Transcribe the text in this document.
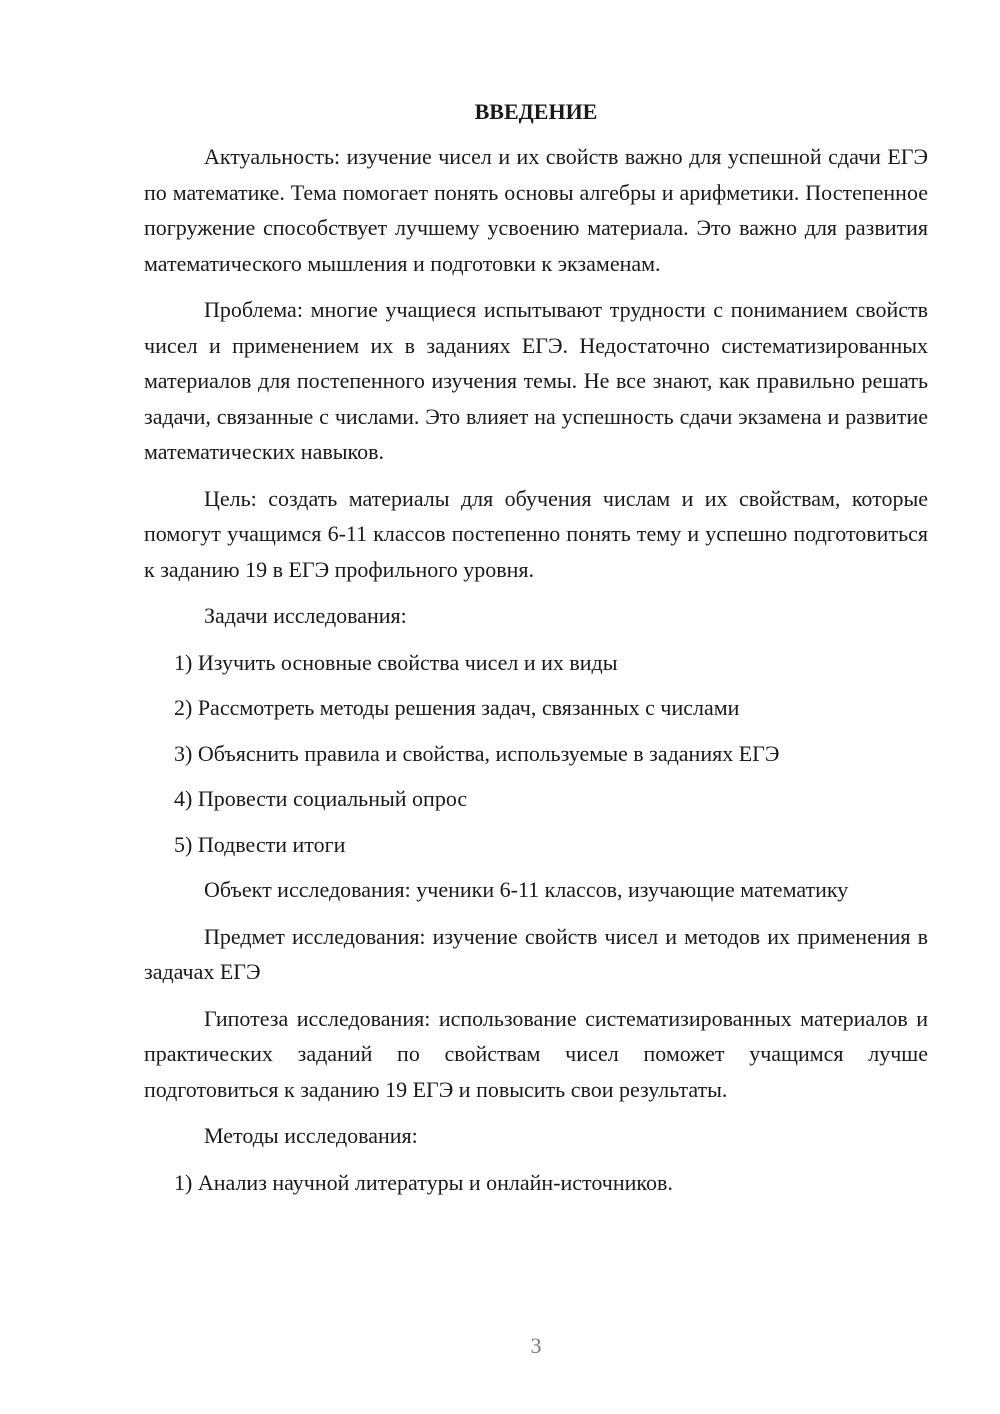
ВВЕДЕНИЕ

Актуальность: изучение чисел и их свойств важно для успешной сдачи ЕГЭ по математике. Тема помогает понять основы алгебры и арифметики. Постепенное погружение способствует лучшему усвоению материала. Это важно для развития математического мышления и подготовки к экзаменам.

Проблема: многие учащиеся испытывают трудности с пониманием свойств чисел и применением их в заданиях ЕГЭ. Недостаточно систематизированных материалов для постепенного изучения темы. Не все знают, как правильно решать задачи, связанные с числами. Это влияет на успешность сдачи экзамена и развитие математических навыков.

Цель: создать материалы для обучения числам и их свойствам, которые помогут учащимся 6-11 классов постепенно понять тему и успешно подготовиться к заданию 19 в ЕГЭ профильного уровня.

Задачи исследования:

1) Изучить основные свойства чисел и их виды
2) Рассмотреть методы решения задач, связанных с числами
3) Объяснить правила и свойства, используемые в заданиях ЕГЭ
4) Провести социальный опрос
5) Подвести итоги

Объект исследования: ученики 6-11 классов, изучающие математику

Предмет исследования: изучение свойств чисел и методов их применения в задачах ЕГЭ

Гипотеза исследования: использование систематизированных материалов и практических заданий по свойствам чисел поможет учащимся лучше подготовиться к заданию 19 ЕГЭ и повысить свои результаты.

Методы исследования:

1) Анализ научной литературы и онлайн-источников.
3
